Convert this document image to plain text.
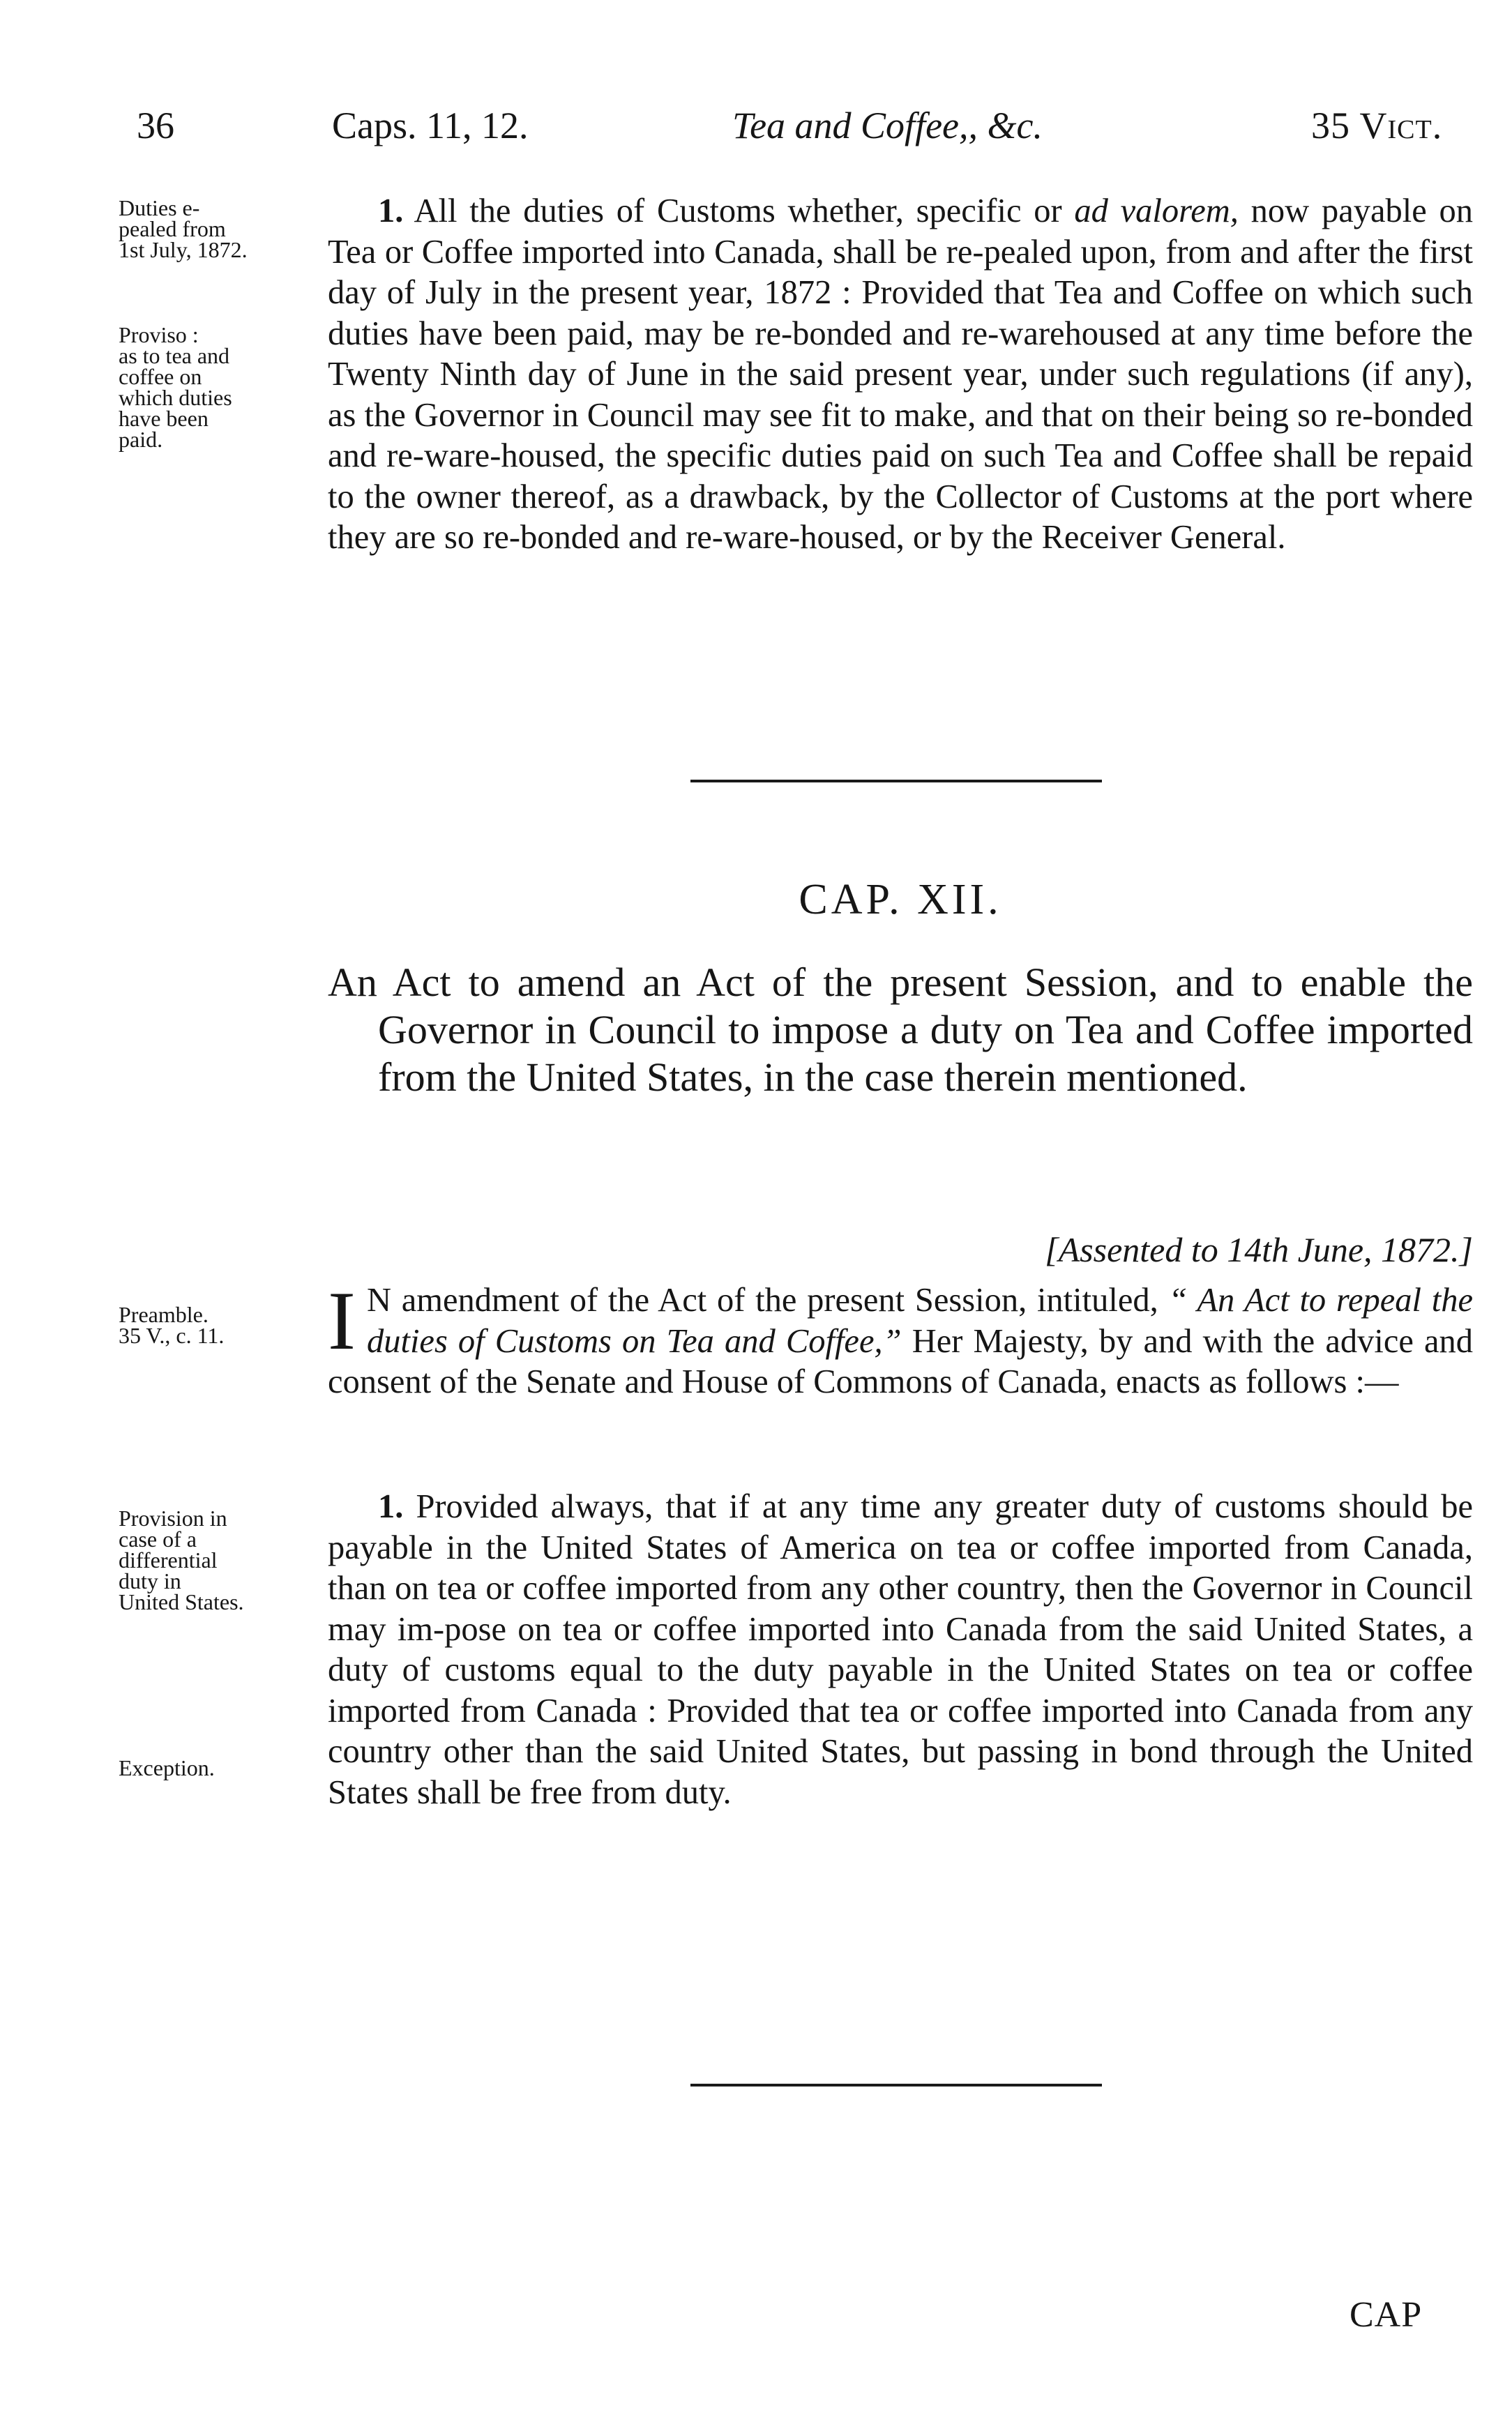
36	Caps. 11, 12.	Tea and Coffee,, &c.	35 Vict.
Duties e-
pealed from
1st July, 1872.
Proviso :
as to tea and
coffee on
which duties
have been
paid.
1. All the duties of Customs whether, specific or ad valorem, now payable on Tea or Coffee imported into Canada, shall be re-pealed upon, from and after the first day of July in the present year, 1872 : Provided that Tea and Coffee on which such duties have been paid, may be re-bonded and re-warehoused at any time before the Twenty Ninth day of June in the said present year, under such regulations (if any), as the Governor in Council may see fit to make, and that on their being so re-bonded and re-ware-housed, the specific duties paid on such Tea and Coffee shall be repaid to the owner thereof, as a drawback, by the Collector of Customs at the port where they are so re-bonded and re-ware-housed, or by the Receiver General.
CAP. XII.
An Act to amend an Act of the present Session, and to enable the Governor in Council to impose a duty on Tea and Coffee imported from the United States, in the case therein mentioned.
[Assented to 14th June, 1872.]
Preamble.
35 V., c. 11.	I N amendment of the Act of the present Session, intituled, “ An Act to repeal the duties of Customs on Tea and Coffee,” Her Majesty, by and with the advice and consent of the Senate and House of Commons of Canada, enacts as follows :—
Provision in
case of a
differential
duty in
United States.
Exception.
1. Provided always, that if at any time any greater duty of customs should be payable in the United States of America on tea or coffee imported from Canada, than on tea or coffee imported from any other country, then the Governor in Council may im-pose on tea or coffee imported into Canada from the said United States, a duty of customs equal to the duty payable in the United States on tea or coffee imported from Canada : Provided that tea or coffee imported into Canada from any country other than the said United States, but passing in bond through the United States shall be free from duty.
CAP
